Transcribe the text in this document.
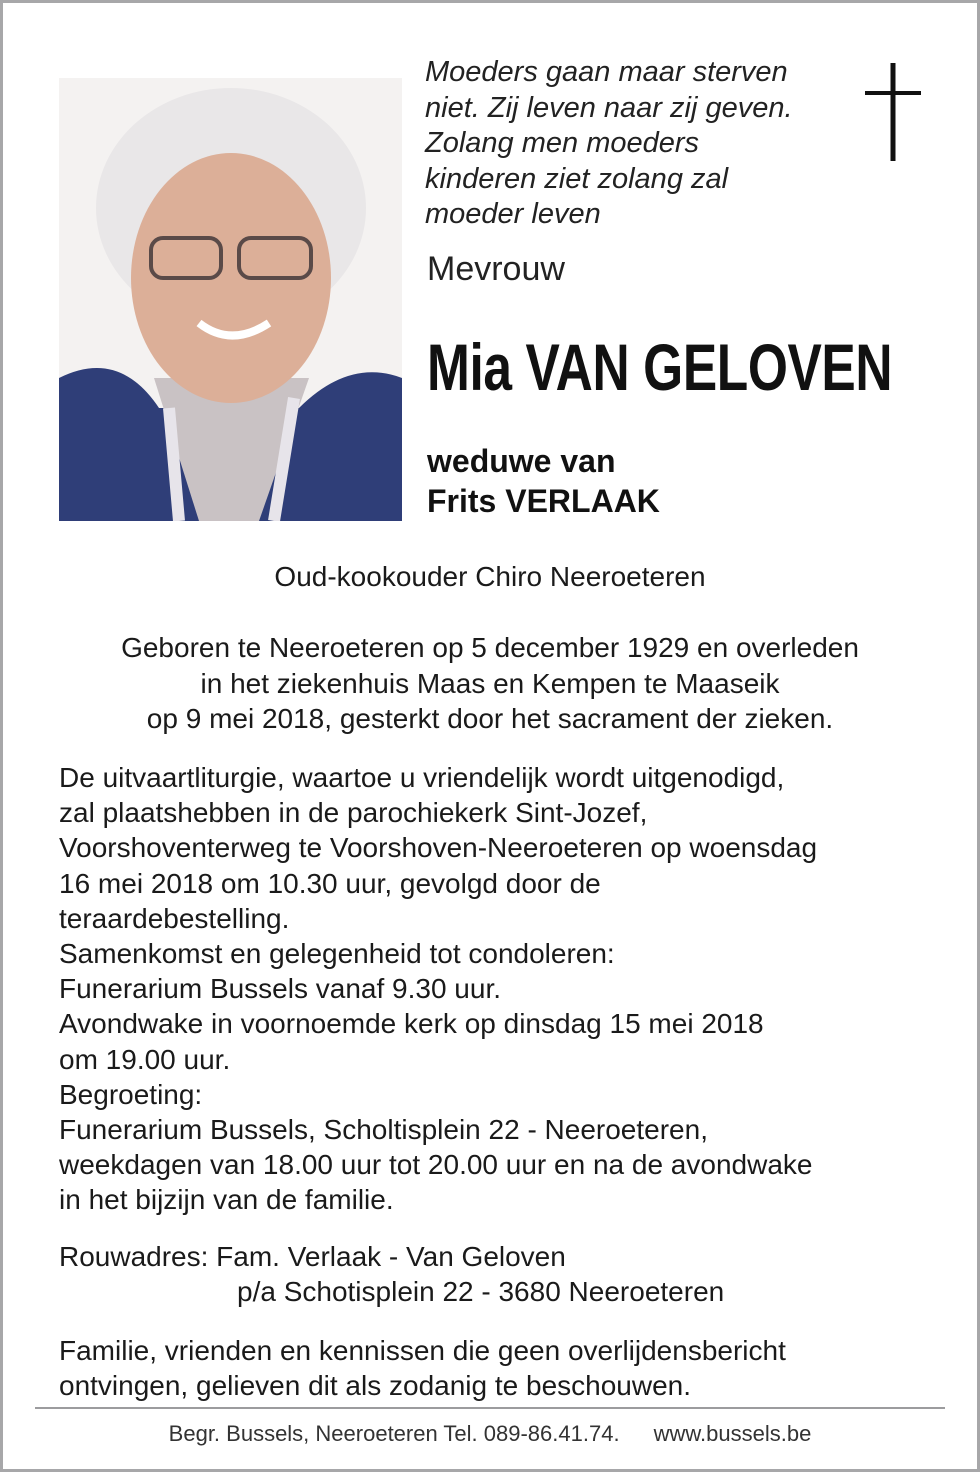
Moeders gaan maar sterven
niet. Zij leven naar zij geven.
Zolang men moeders
kinderen ziet zolang zal
moeder leven
Mevrouw
Mia VAN GELOVEN
weduwe van
Frits VERLAAK
Oud-kookouder Chiro Neeroeteren
Geboren te Neeroeteren op 5 december 1929 en overleden
in het ziekenhuis Maas en Kempen te Maaseik
op 9 mei 2018, gesterkt door het sacrament der zieken.
De uitvaartliturgie, waartoe u vriendelijk wordt uitgenodigd,
zal plaatshebben in de parochiekerk Sint-Jozef,
Voorshoventerweg te Voorshoven-Neeroeteren op woensdag
16 mei 2018 om 10.30 uur, gevolgd door de
teraardebestelling.
Samenkomst en gelegenheid tot condoleren:
Funerarium Bussels vanaf 9.30 uur.
Avondwake in voornoemde kerk op dinsdag 15 mei 2018
om 19.00 uur.
Begroeting:
Funerarium Bussels, Scholtisplein 22 - Neeroeteren,
weekdagen van 18.00 uur tot 20.00 uur en na de avondwake
in het bijzijn van de familie.
Rouwadres: Fam. Verlaak - Van Geloven
p/a Schotisplein 22 - 3680 Neeroeteren
Familie, vrienden en kennissen die geen overlijdensbericht
ontvingen, gelieven dit als zodanig te beschouwen.
Begr. Bussels, Neeroeteren Tel. 089-86.41.74. www.bussels.be
